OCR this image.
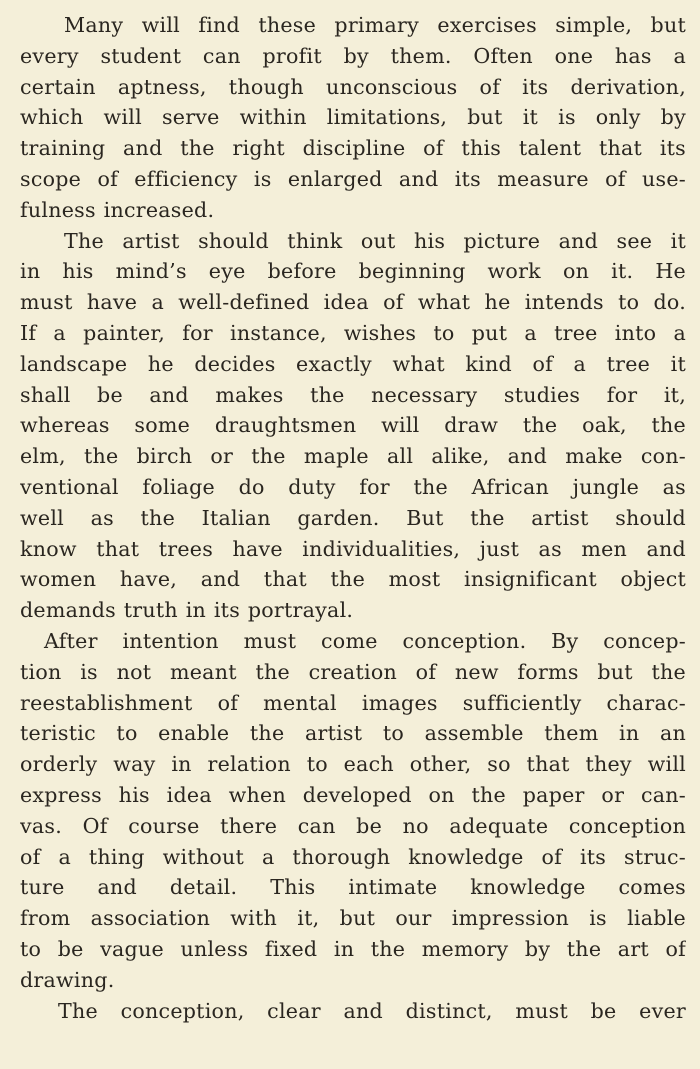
Many will find these primary exercises simple, but
every student can profit by them. Often one has a
certain aptness, though unconscious of its derivation,
which will serve within limitations, but it is only by
training and the right discipline of this talent that its
scope of efficiency is enlarged and its measure of use-
fulness increased.
The artist should think out his picture and see it
in his mind’s eye before beginning work on it. He
must have a well-defined idea of what he intends to do.
If a painter, for instance, wishes to put a tree into a
landscape he decides exactly what kind of a tree it
shall be and makes the necessary studies for it,
whereas some draughtsmen will draw the oak, the
elm, the birch or the maple all alike, and make con-
ventional foliage do duty for the African jungle as
well as the Italian garden. But the artist should
know that trees have individualities, just as men and
women have, and that the most insignificant object
demands truth in its portrayal.
After intention must come conception. By concep-
tion is not meant the creation of new forms but the
reestablishment of mental images sufficiently charac-
teristic to enable the artist to assemble them in an
orderly way in relation to each other, so that they will
express his idea when developed on the paper or can-
vas. Of course there can be no adequate conception
of a thing without a thorough knowledge of its struc-
ture and detail. This intimate knowledge comes
from association with it, but our impression is liable
to be vague unless fixed in the memory by the art of
drawing.
The conception, clear and distinct, must be ever
